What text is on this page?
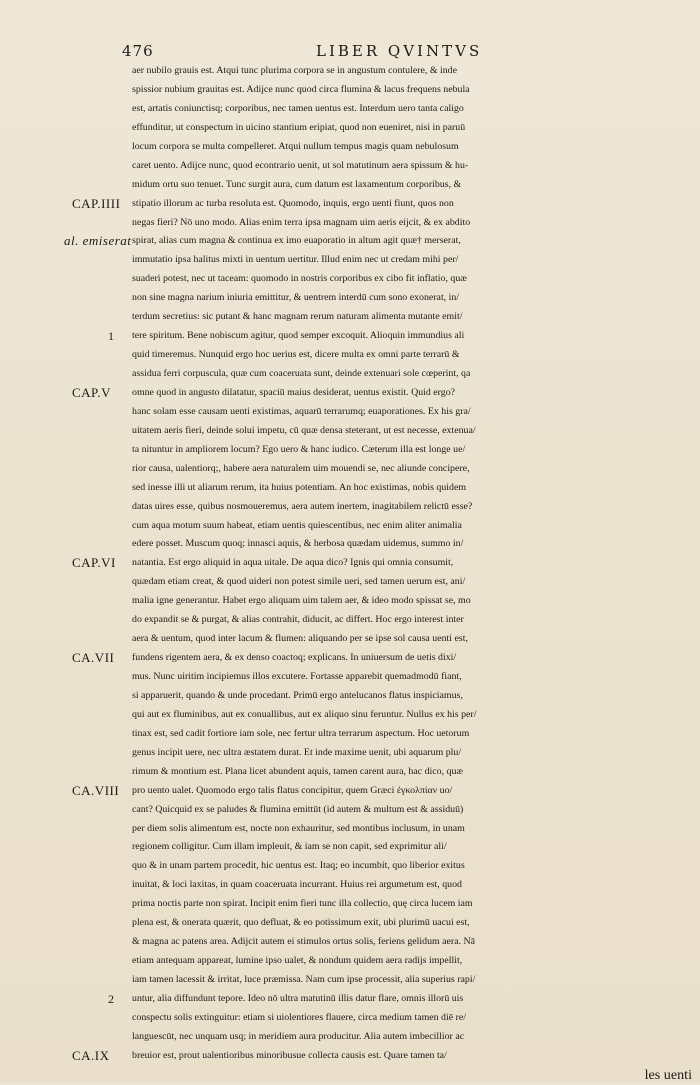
476	LIBER QVINTVS
aer nubilo grauis est. Atqui tunc plurima corpora se in angustum contulere, & inde
spissior nubium grauitas est. Adijce nunc quod circa flumina & lacus frequens nebula
est, artatis coniunctisq; corporibus, nec tamen uentus est. Interdum uero tanta caligo
effunditur, ut conspectum in uicino stantium eripiat, quod non eueniret, nisi in paruū
locum corpora se multa compelleret. Atqui nullum tempus magis quam nebulosum
caret uento. Adijce nunc, quod econtrario uenit, ut sol matutinum aera spissum & hu-
midum ortu suo tenuet. Tunc surgit aura, cum datum est laxamentum corporibus, &
CAP.IIII	stipatio illorum ac turba resoluta est. Quomodo, inquis, ergo uenti fiunt, quos non
negas fieri? Nō uno modo. Alias enim terra ipsa magnam uim aeris eijcit, & ex abdito
al. emiserat spirat, alias cum magna & continua ex imo euaporatio in altum agit quæ† merserat,
immutatio ipsa halitus mixti in uentum uertitur. Illud enim nec ut credam mihi per/
suaderi potest, nec ut taceam: quomodo in nostris corporibus ex cibo fit inflatio, quæ
non sine magna narium iniuria emittitur, & uentrem interdū cum sono exonerat, in/
terdum secretius: sic putant & hanc magnam rerum naturam alimenta mutante emit/
1	tere spiritum. Bene nobiscum agitur, quod semper excoquit. Alioquin immundius ali
quid timeremus. Nunquid ergo hoc uerius est, dicere multa ex omni parte terrarū &
assidua ferri corpuscula, quæ cum coaceruata sunt, deinde extenuari sole cœperint, qa
CAP.V	omne quod in angusto dilatatur, spaciū maius desiderat, uentus existit. Quid ergo?
hanc solam esse causam uenti existimas, aquarū terrarumq; euaporationes. Ex his gra/
uitatem aeris fieri, deinde solui impetu, cū quæ densa steterant, ut est necesse, extenua/
ta nituntur in ampliorem locum? Ego uero & hanc iudico. Cæterum illa est longe ue/
rior causa, ualentiorq;, habere aera naturalem uim mouendi se, nec aliunde concipere,
sed inesse illi ut aliarum rerum, ita huius potentiam. An hoc existimas, nobis quidem
datas uires esse, quibus nosmoueremus, aera autem inertem, inagitabilem relictū esse?
cum aqua motum suum habeat, etiam uentis quiescentibus, nec enim aliter animalia
edere posset. Muscum quoq; innasci aquis, & herbosa quædam uidemus, summo in/
CAP.VI	natantia. Est ergo aliquid in aqua uitale. De aqua dico? Ignis qui omnia consumit,
quædam etiam creat, & quod uideri non potest simile ueri, sed tamen uerum est, ani/
malia igne generantur. Habet ergo aliquam uim talem aer, & ideo modo spissat se, mo
do expandit se & purgat, & alias contrahit, diducit, ac differt. Hoc ergo interest inter
aera & uentum, quod inter lacum & flumen: aliquando per se ipse sol causa uenti est,
CA.VII	fundens rigentem aera, & ex denso coactoq; explicans. In uniuersum de uetis dixi/
mus. Nunc uiritim incipiemus illos excutere. Fortasse apparebit quemadmodū fiant,
si apparuerit, quando & unde procedant. Primū ergo antelucanos flatus inspiciamus,
qui aut ex fluminibus, aut ex conuallibus, aut ex aliquo sinu feruntur. Nullus ex his per/
tinax est, sed cadit fortiore iam sole, nec fertur ultra terrarum aspectum. Hoc uetorum
genus incipit uere, nec ultra æstatem durat. Et inde maxime uenit, ubi aquarum plu/
rimum & montium est. Plana licet abundent aquis, tamen carent aura, hac dico, quæ
CA.VIII	pro uento ualet. Quomodo ergo talis flatus concipitur, quem Græci ἐγκολπίαν uo/
cant? Quicquid ex se paludes & flumina emittūt (id autem & multum est & assiduū)
per diem solis alimentum est, nocte non exhauritur, sed montibus inclusum, in unam
regionem colligitur. Cum illam impleuit, & iam se non capit, sed exprimitur ali/
quo & in unam partem procedit, hic uentus est. Itaq; eo incumbit, quo liberior exitus
inuitat, & loci laxitas, in quam coaceruata incurrant. Huius rei argumetum est, quod
prima noctis parte non spirat. Incipit enim fieri tunc illa collectio, quę circa lucem iam
plena est, & onerata quærit, quo defluat, & eo potissimum exit, ubi plurimū uacui est,
& magna ac patens area. Adijcit autem ei stimulos ortus solis, feriens gelidum aera. Nā
etiam antequam appareat, lumine ipso ualet, & nondum quidem aera radijs impellit,
iam tamen lacessit & irritat, luce præmissa. Nam cum ipse processit, alia superius rapi/
2	untur, alia diffundunt tepore. Ideo nō ultra matutinū illis datur flare, omnis illorū uis
conspectu solis extinguitur: etiam si uiolentiores flauere, circa medium tamen diē re/
languescūt, nec unquam usq; in meridiem aura producitur. Alia autem imbecillior ac
CA.IX	breuior est, prout ualentioribus minoribusue collecta causis est. Quare tamen ta/
les uenti
